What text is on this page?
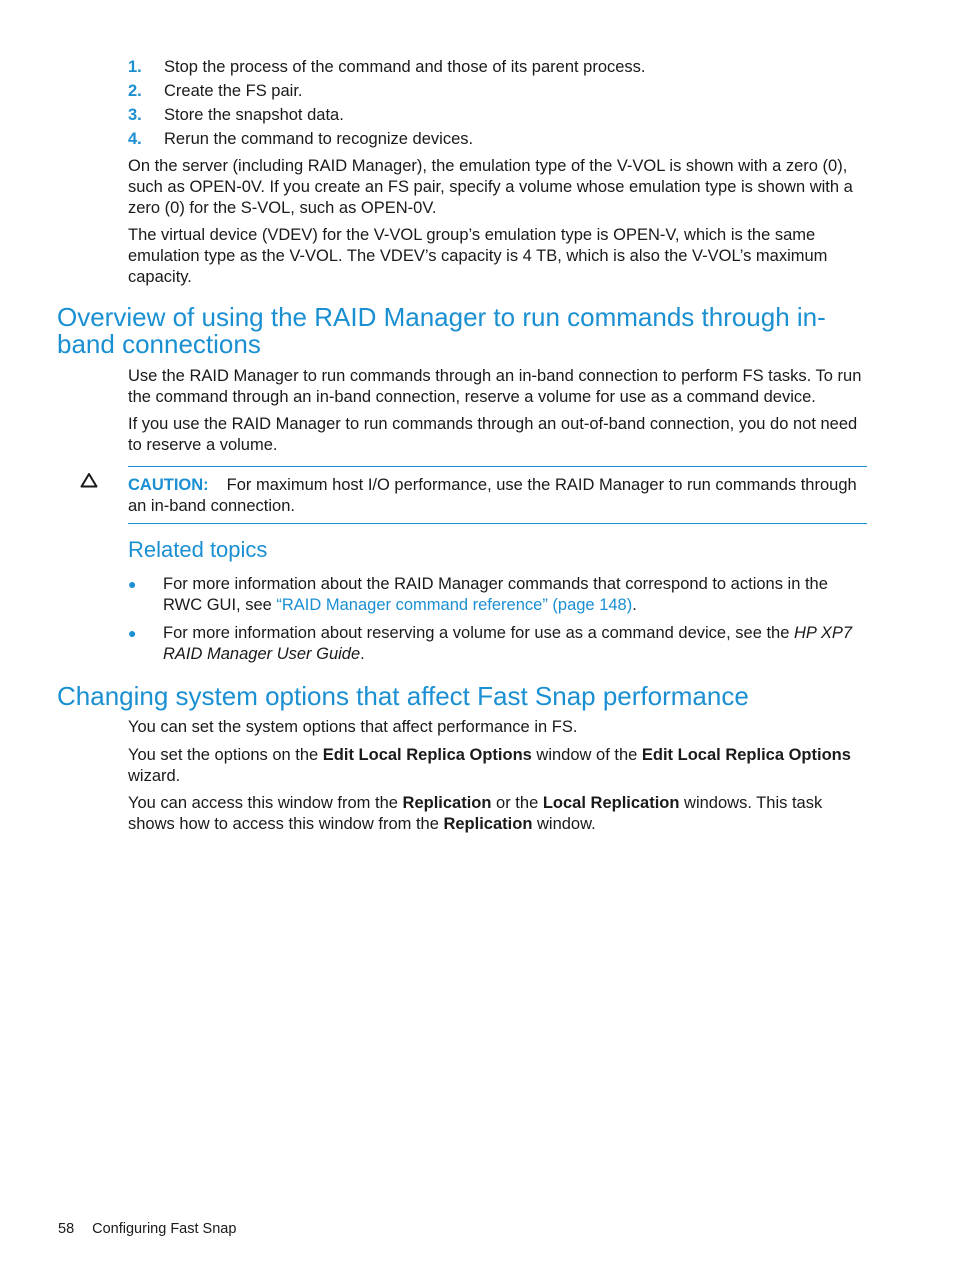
1.	Stop the process of the command and those of its parent process.
2.	Create the FS pair.
3.	Store the snapshot data.
4.	Rerun the command to recognize devices.

On the server (including RAID Manager), the emulation type of the V-VOL is shown with a zero (0), such as OPEN-0V. If you create an FS pair, specify a volume whose emulation type is shown with a zero (0) for the S-VOL, such as OPEN-0V.

The virtual device (VDEV) for the V-VOL group’s emulation type is OPEN-V, which is the same emulation type as the V-VOL. The VDEV’s capacity is 4 TB, which is also the V-VOL’s maximum capacity.

Overview of using the RAID Manager to run commands through in-band connections

Use the RAID Manager to run commands through an in-band connection to perform FS tasks. To run the command through an in-band connection, reserve a volume for use as a command device.

If you use the RAID Manager to run commands through an out-of-band connection, you do not need to reserve a volume.

CAUTION: For maximum host I/O performance, use the RAID Manager to run commands through an in-band connection.

Related topics
●	For more information about the RAID Manager commands that correspond to actions in the RWC GUI, see “RAID Manager command reference” (page 148).
●	For more information about reserving a volume for use as a command device, see the HP XP7 RAID Manager User Guide.
Changing system options that affect Fast Snap performance

You can set the system options that affect performance in FS.

You set the options on the Edit Local Replica Options window of the Edit Local Replica Options wizard.

You can access this window from the Replication or the Local Replication windows. This task shows how to access this window from the Replication window.

58 Configuring Fast Snap
